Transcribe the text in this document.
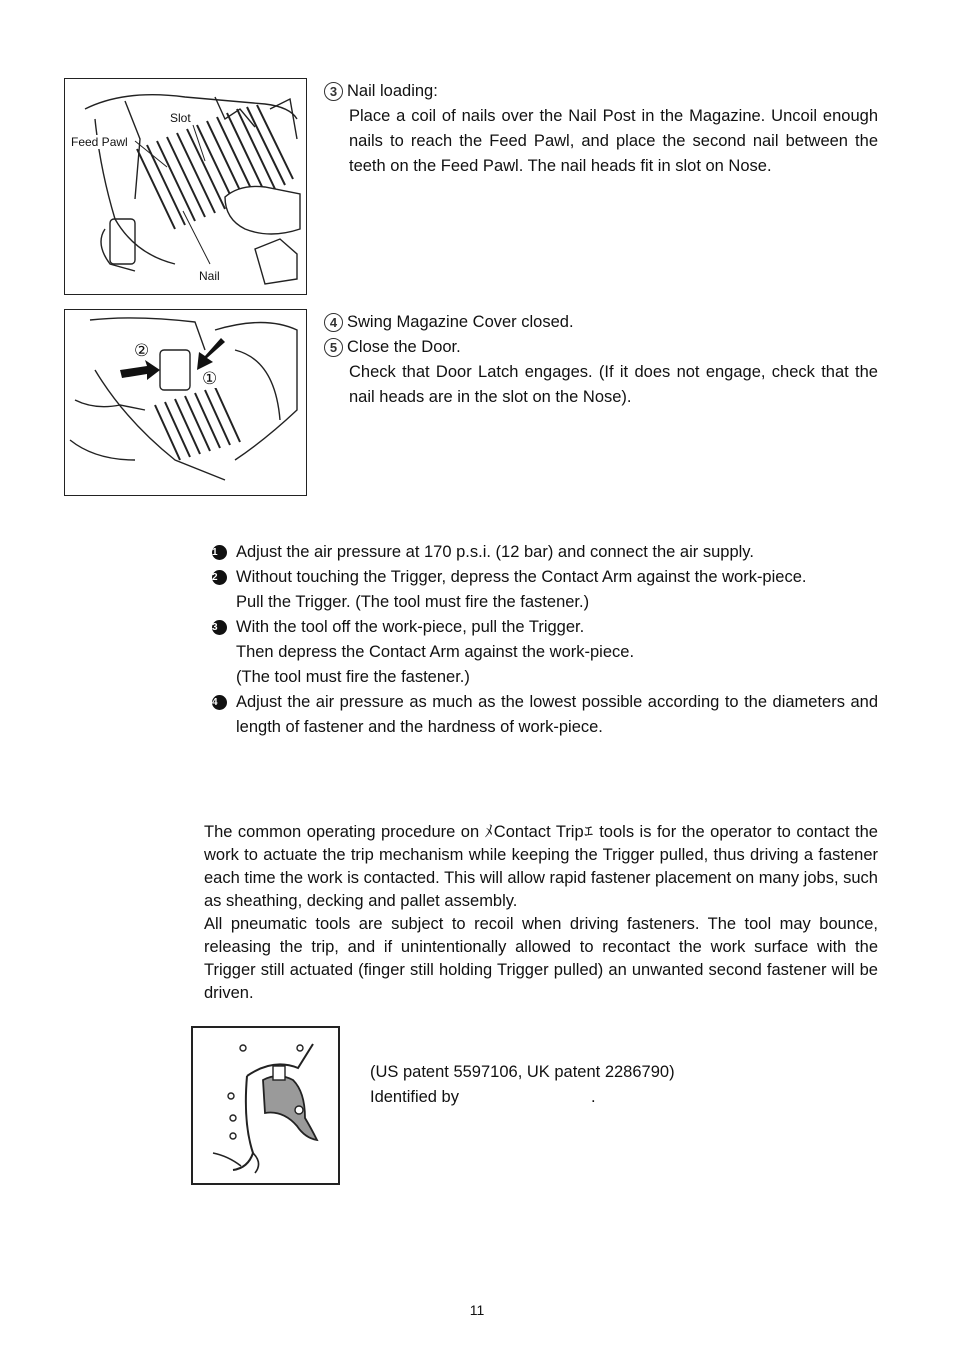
Slot
Feed Pawl
Nail
3 Nail loading:
Place a coil of nails over the Nail Post in the Magazine. Uncoil enough nails to reach the Feed Pawl, and place the second nail between the teeth on the Feed Pawl. The nail heads fit in slot on Nose.
②
①
4 Swing Magazine Cover closed.
5 Close the Door.
Check that Door Latch engages. (If it does not engage, check that the nail heads are in the slot on the Nose).
1	Adjust the air pressure at 170 p.s.i. (12 bar) and connect the air supply.
2	Without touching the Trigger, depress the Contact Arm against the work-piece.
Pull the Trigger. (The tool must fire the fastener.)
3	With the tool off the work-piece, pull the Trigger.
Then depress the Contact Arm against the work-piece.
(The tool must fire the fastener.)
4	Adjust the air pressure as much as the lowest possible according to the diameters and length of fastener and the hardness of work-piece.

The common operating procedure on ﾒContact Tripｴ tools is for the operator to contact the work to actuate the trip mechanism while keeping the Trigger pulled, thus driving a fastener each time the work is contacted. This will allow rapid fastener placement on many jobs, such as sheathing, decking and pallet assembly.

All pneumatic tools are subject to recoil when driving fasteners. The tool may bounce, releasing the trip, and if unintentionally allowed to recontact the work surface with the Trigger still actuated (finger still holding Trigger pulled) an unwanted second fastener will be driven.

(US patent 5597106, UK patent 2286790)
Identified by	.
11
